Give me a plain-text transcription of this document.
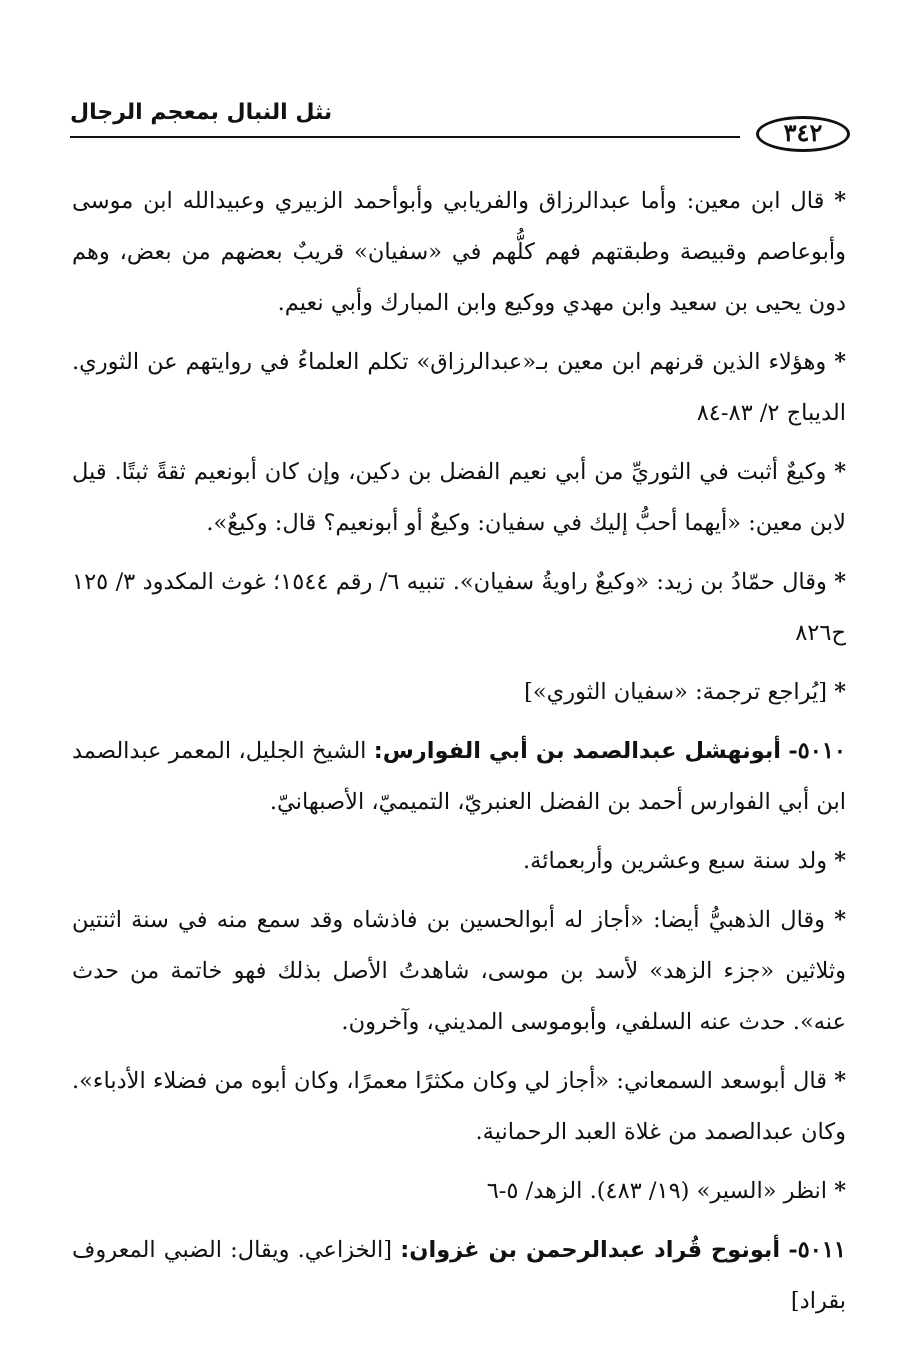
نثل النبال بمعجم الرجال
٣٤٢

* قال ابن معين: وأما عبدالرزاق والفريابي وأبوأحمد الزبيري وعبيدالله ابن موسى وأبوعاصم وقبيصة وطبقتهم فهم كلُّهم في «سفيان» قريبٌ بعضهم من بعض، وهم دون يحيى بن سعيد وابن مهدي ووكيع وابن المبارك وأبي نعيم.

* وهؤلاء الذين قرنهم ابن معين بـ«عبدالرزاق» تكلم العلماءُ في روايتهم عن الثوري. الديباج ٢/ ٨٣-٨٤

* وكيعٌ أثبت في الثوريِّ من أبي نعيم الفضل بن دكين، وإن كان أبونعيم ثقةً ثبتًا. قيل لابن معين: «أيهما أحبُّ إليك في سفيان: وكيعٌ أو أبونعيم؟ قال: وكيعٌ».

* وقال حمّادُ بن زيد: «وكيعٌ راويةُ سفيان». تنبيه ٦/ رقم ١٥٤٤؛ غوث المكدود ٣/ ١٢٥ ح٨٢٦

* [يُراجع ترجمة: «سفيان الثوري»]

٥٠١٠- أبونهشل عبدالصمد بن أبي الفوارس: الشيخ الجليل، المعمر عبدالصمد ابن أبي الفوارس أحمد بن الفضل العنبريّ، التميميّ، الأصبهانيّ.

* ولد سنة سبع وعشرين وأربعمائة.

* وقال الذهبيُّ أيضا: «أجاز له أبوالحسين بن فاذشاه وقد سمع منه في سنة اثنتين وثلاثين «جزء الزهد» لأسد بن موسى، شاهدتُ الأصل بذلك فهو خاتمة من حدث عنه». حدث عنه السلفي، وأبوموسى المديني، وآخرون.

* قال أبوسعد السمعاني: «أجاز لي وكان مكثرًا معمرًا، وكان أبوه من فضلاء الأدباء». وكان عبدالصمد من غلاة العبد الرحمانية.

* انظر «السير» (١٩/ ٤٨٣). الزهد/ ٥-٦

٥٠١١- أبونوح قُراد عبدالرحمن بن غزوان: [الخزاعي. ويقال: الضبي المعروف بقراد]
